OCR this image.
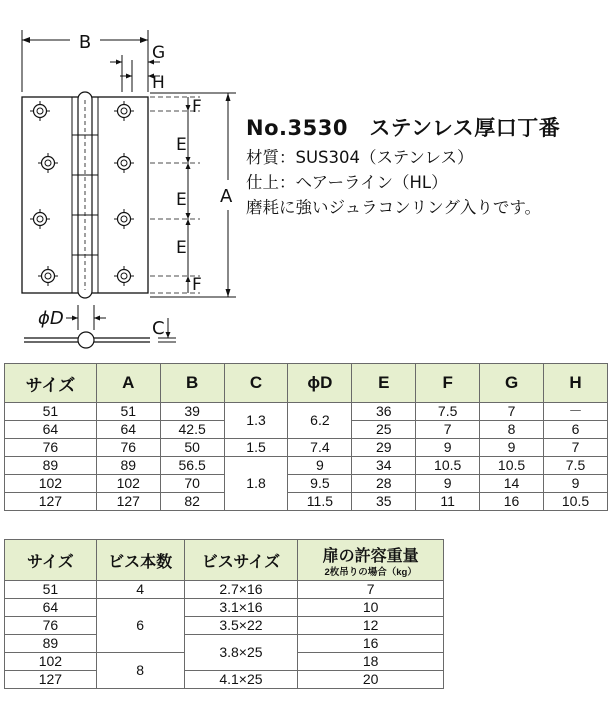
B	G
H
F
E
E
E
F
A
ϕD	C

No.3530　ステンレス厚口丁番

材質：SUS304（ステンレス）

仕上：ヘアーライン（HL）

磨耗に強いジュラコンリング入りです。

サイズ	A	B	C	ϕD	E	F	G	H
51	51	39	1.3	6.2	36	7.5	7	－
64	64	42.5			25	7	8	6
76	76	50	1.5	7.4	29	9	9	7
89	89	56.5	1.8	9	34	10.5	10.5	7.5
102	102	70		9.5	28	9	14	9
127	127	82		11.5	35	11	16	10.5
サイズ	ビス本数	ビスサイズ	扉の許容重量
2枚吊りの場合（kg）

51	4	2.7×16	7
64	6	3.1×16	10
76		3.5×22	12
89		3.8×25	16
102	8		18
127		4.1×25	20
